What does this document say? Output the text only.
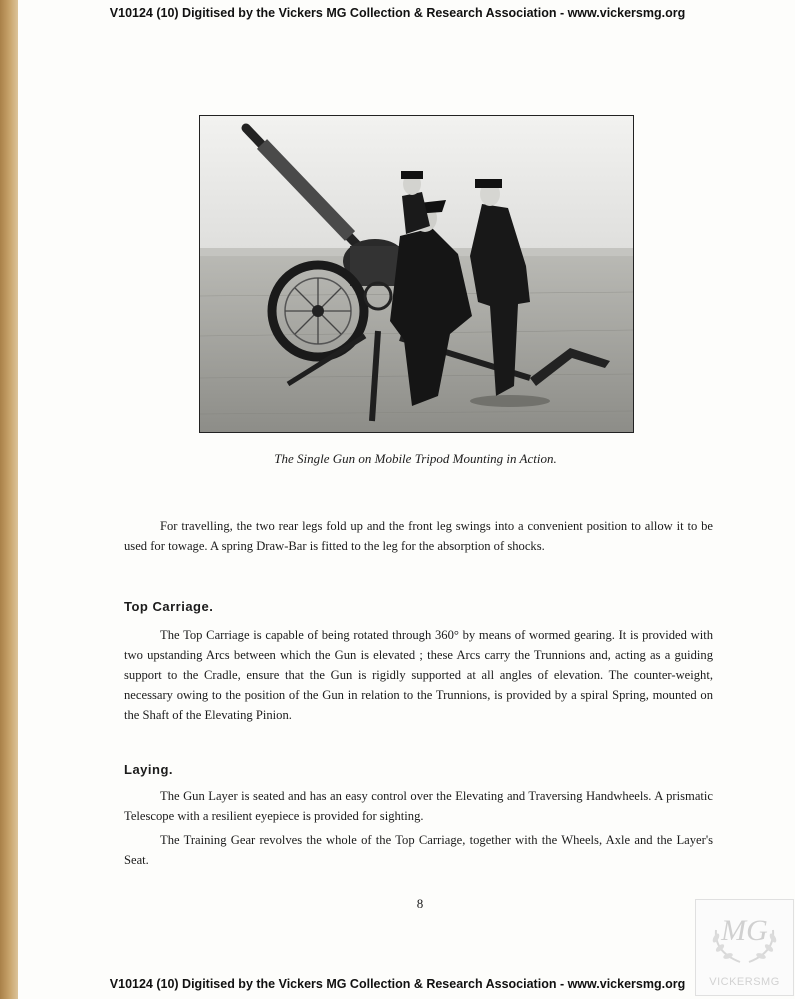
V10124 (10) Digitised by the Vickers MG Collection & Research Association - www.vickersmg.org
The Single Gun on Mobile Tripod Mounting in Action.

For travelling, the two rear legs fold up and the front leg swings into a convenient position to allow it to be used for towage. A spring Draw-Bar is fitted to the leg for the absorption of shocks.

Top Carriage.

The Top Carriage is capable of being rotated through 360° by means of wormed gearing. It is provided with two upstanding Arcs between which the Gun is elevated ; these Arcs carry the Trunnions and, acting as a guiding support to the Cradle, ensure that the Gun is rigidly supported at all angles of elevation. The counter-weight, necessary owing to the position of the Gun in relation to the Trunnions, is provided by a spiral Spring, mounted on the Shaft of the Elevating Pinion.

Laying.

The Gun Layer is seated and has an easy control over the Elevating and Traversing Handwheels. A prismatic Telescope with a resilient eyepiece is provided for sighting.

The Training Gear revolves the whole of the Top Carriage, together with the Wheels, Axle and the Layer's Seat.

8
MG
VICKERSMG
V10124 (10) Digitised by the Vickers MG Collection & Research Association - www.vickersmg.org
